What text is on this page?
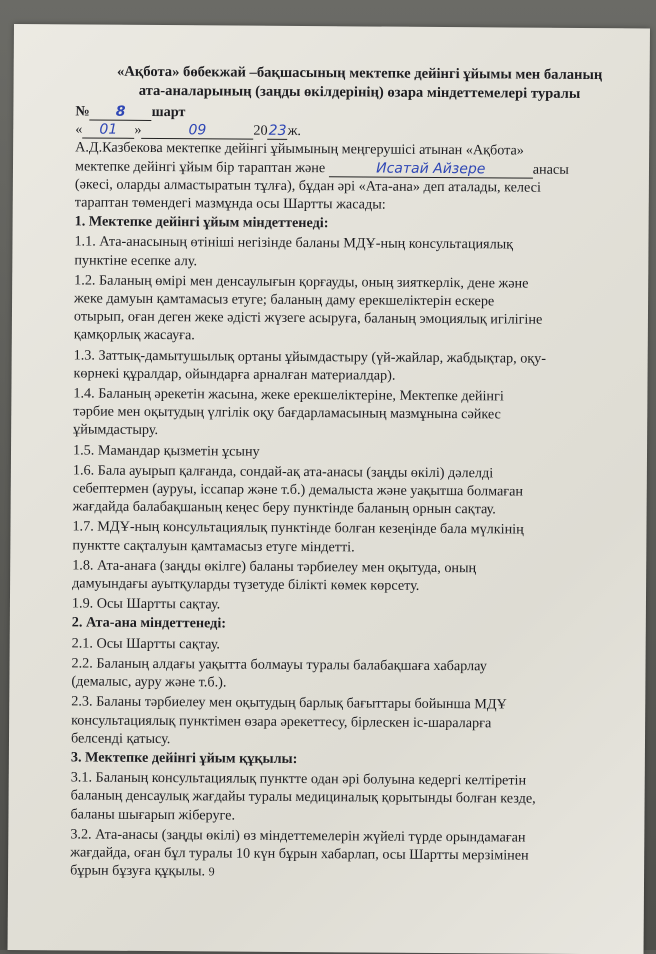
«Ақбота» бөбекжай –бақшасының мектепке дейінгі ұйымы мен баланың
ата-аналарының (заңды өкілдерінің) өзара міндеттемелері туралы
№ 8 шарт
« 01 »	09	2023ж.
А.Д.Казбекова мектепке дейінгі ұйымының меңгерушісі атынан «Ақбота»
мектепке дейінгі ұйым бір тараптан және	Исатай Айзере	анасы
(әкесі, оларды алмастыратын тұлға), бұдан әрі «Ата-ана» деп аталады, келесі
тараптан төмендегі мазмұнда осы Шартты жасады:
1. Мектепке дейінгі ұйым міндеттенеді:
1.1. Ата-анасының өтініші негізінде баланы МДҰ-ның консультациялық
пунктіне есепке алу.
1.2. Баланың өмірі мен денсаулығын қорғауды, оның зияткерлік, дене және
жеке дамуын қамтамасыз етуге; баланың даму ерекшеліктерін ескере
отырып, оған деген жеке әдісті жүзеге асыруға, баланың эмоциялық игілігіне
қамқорлық жасауға.
1.3. Заттық-дамытушылық ортаны ұйымдастыру (үй-жайлар, жабдықтар, оқу-
көрнекі құралдар, ойындарға арналған материалдар).
1.4. Баланың әрекетін жасына, жеке ерекшеліктеріне, Мектепке дейінгі
тәрбие мен оқытудың үлгілік оқу бағдарламасының мазмұнына сәйкес
ұйымдастыру.
1.5. Мамандар қызметін ұсыну
1.6. Бала ауырып қалғанда, сондай-ақ ата-анасы (заңды өкілі) дәлелді
себептермен (ауруы, іссапар және т.б.) демалыста және уақытша болмаған
жағдайда балабақшаның кеңес беру пунктінде баланың орнын сақтау.
1.7. МДҰ-ның консультациялық пунктінде болған кезеңінде бала мүлкінің
пунктте сақталуын қамтамасыз етуге міндетті.
1.8. Ата-анаға (заңды өкілге) баланы тәрбиелеу мен оқытуда, оның
дамуындағы ауытқуларды түзетуде білікті көмек көрсету.
1.9. Осы Шартты сақтау.
2. Ата-ана міндеттенеді:
2.1. Осы Шартты сақтау.
2.2. Баланың алдағы уақытта болмауы туралы балабақшаға хабарлау
(демалыс, ауру және т.б.).
2.3. Баланы тәрбиелеу мен оқытудың барлық бағыттары бойынша МДҰ
консультациялық пунктімен өзара әрекеттесу, бірлескен іс-шараларға
белсенді қатысу.
3. Мектепке дейінгі ұйым құқылы:
3.1. Баланың консультациялық пунктте одан әрі болуына кедергі келтіретін
баланың денсаулық жағдайы туралы медициналық қорытынды болған кезде,
баланы шығарып жіберуге.
3.2. Ата-анасы (заңды өкілі) өз міндеттемелерін жүйелі түрде орындамаған
жағдайда, оған бұл туралы 10 күн бұрын хабарлап, осы Шартты мерзімінен
бұрын бұзуға құқылы. 9
